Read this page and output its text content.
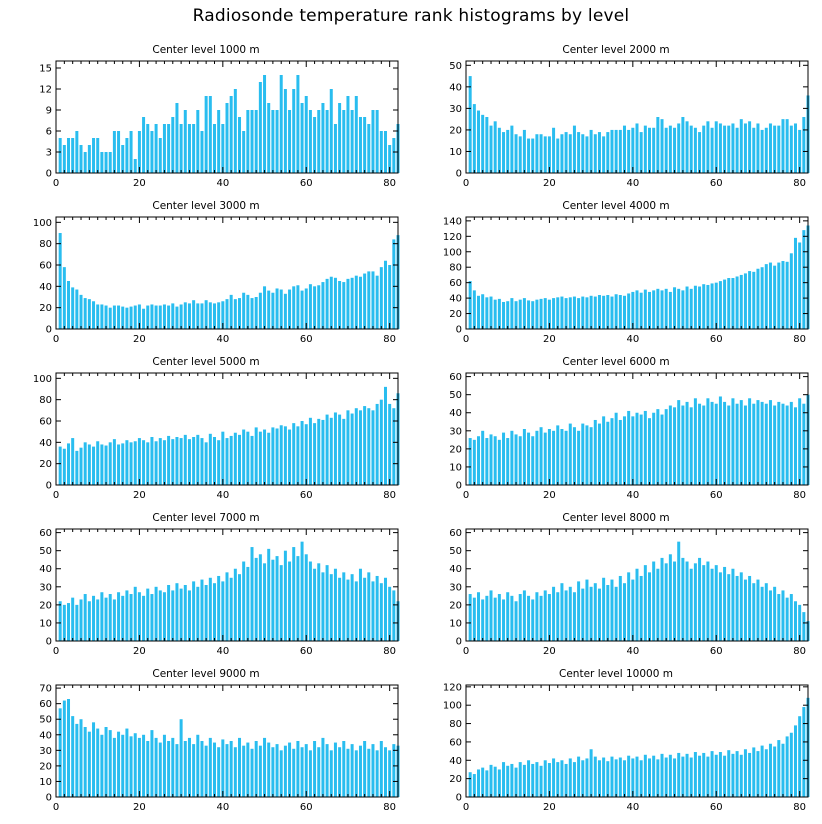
Radiosonde temperature rank histograms by level
Center level 1000 m
0
3
6
9
12
15
0	20	40	60	80
Center level 2000 m
0
10
20
30
40
50
0	20	40	60	80
Center level 3000 m
0
20
40
60
80
100
0	20	40	60	80
Center level 4000 m
0
20
40
60
80
100
120
140
0	20	40	60	80
Center level 5000 m
0
20
40
60
80
100
0	20	40	60	80
Center level 6000 m
0
10
20
30
40
50
60
0	20	40	60	80
Center level 7000 m
0
10
20
30
40
50
60
0	20	40	60	80
Center level 8000 m
0
10
20
30
40
50
60
0	20	40	60	80
Center level 9000 m
0
10
20
30
40
50
60
70
0	20	40	60	80
Center level 10000 m
0
20
40
60
80
100
120
0	20	40	60	80
